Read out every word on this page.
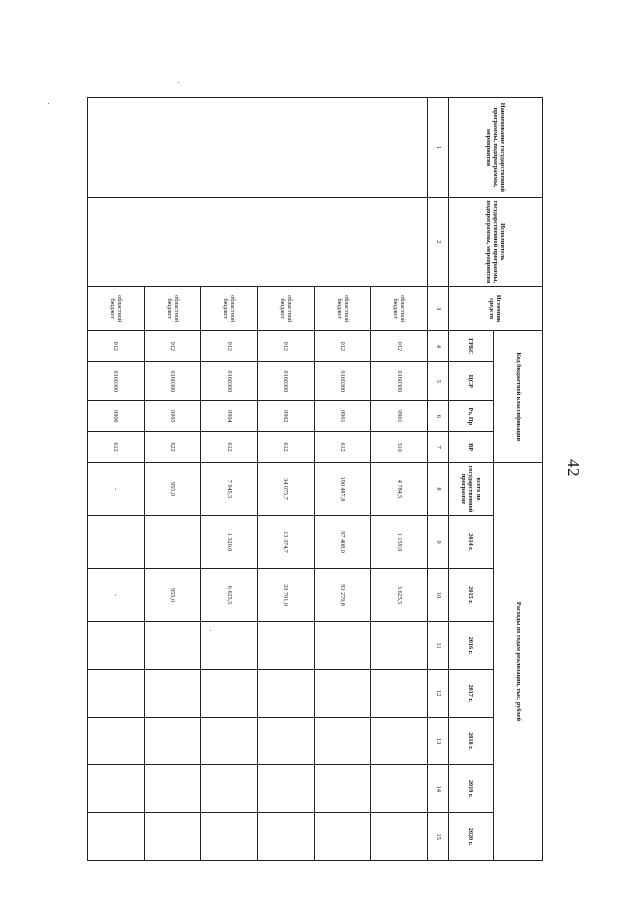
42
Наименование государственной программы, подпрограммы, мероприятия	Исполнитель государственной программы, подпрограммы, мероприятия	Источник средств	Код бюджетной классификации				Расходы по годам реализации, тыс. рублей							
			ГРБС	ЦСР	Рз, Пр	ВР	всего по государственной программе	2014 г.	2015 г.	2016 г.	2017 г.	2018 г.	2019 г.	2020 г.
1	2	3	4	5	6	7	8	9	10	11	12	13	14	15
		областной бюджет	012	0160300	0901	310	4 784,5	1 159,0	3 625,5					
		областной бюджет	012	0160300	0901	612	190 487,8	97 408,0	93 279,8					
		областной бюджет	012	0160300	0902	612	34 075,7	13 374,7	20 701,0					
		областной бюджет	012	0160300	0904	612	7 945,5	1 320,0	6 625,5					
		областной бюджет	012	0160300	0905	622	955,0		955,0					
		областной бюджет	012	0160300	0906	612	-		-					
